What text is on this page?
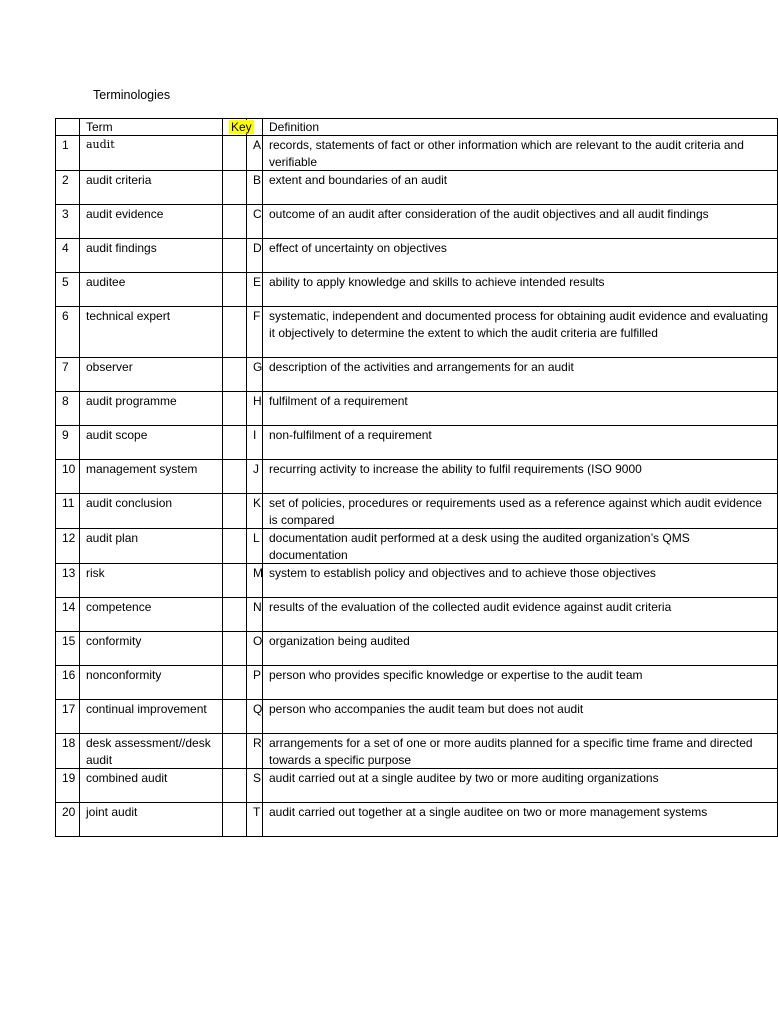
Terminologies
	Term	Key		Definition
1	audit		A	records, statements of fact or other information which are relevant to the audit criteria and verifiable
2	audit criteria		B	extent and boundaries of an audit
3	audit evidence		C	outcome of an audit after consideration of the audit objectives and all audit findings
4	audit findings		D	effect of uncertainty on objectives
5	auditee		E	ability to apply knowledge and skills to achieve intended results
6	technical expert		F	systematic, independent and documented process for obtaining audit evidence and evaluating it objectively to determine the extent to which the audit criteria are fulfilled
7	observer		G	description of the activities and arrangements for an audit
8	audit programme		H	fulfilment of a requirement
9	audit scope		I	non-fulfilment of a requirement
10	management system		J	recurring activity to increase the ability to fulfil requirements (ISO 9000
11	audit conclusion		K	set of policies, procedures or requirements used as a reference against which audit evidence is compared
12	audit plan		L	documentation audit performed at a desk using the audited organization’s QMS documentation
13	risk		M	system to establish policy and objectives and to achieve those objectives
14	competence		N	results of the evaluation of the collected audit evidence against audit criteria
15	conformity		O	organization being audited
16	nonconformity		P	person who provides specific knowledge or expertise to the audit team
17	continual improvement		Q	person who accompanies the audit team but does not audit
18	desk assessment//desk audit		R	arrangements for a set of one or more audits planned for a specific time frame and directed towards a specific purpose
19	combined audit		S	audit carried out at a single auditee by two or more auditing organizations
20	joint audit		T	audit carried out together at a single auditee on two or more management systems
